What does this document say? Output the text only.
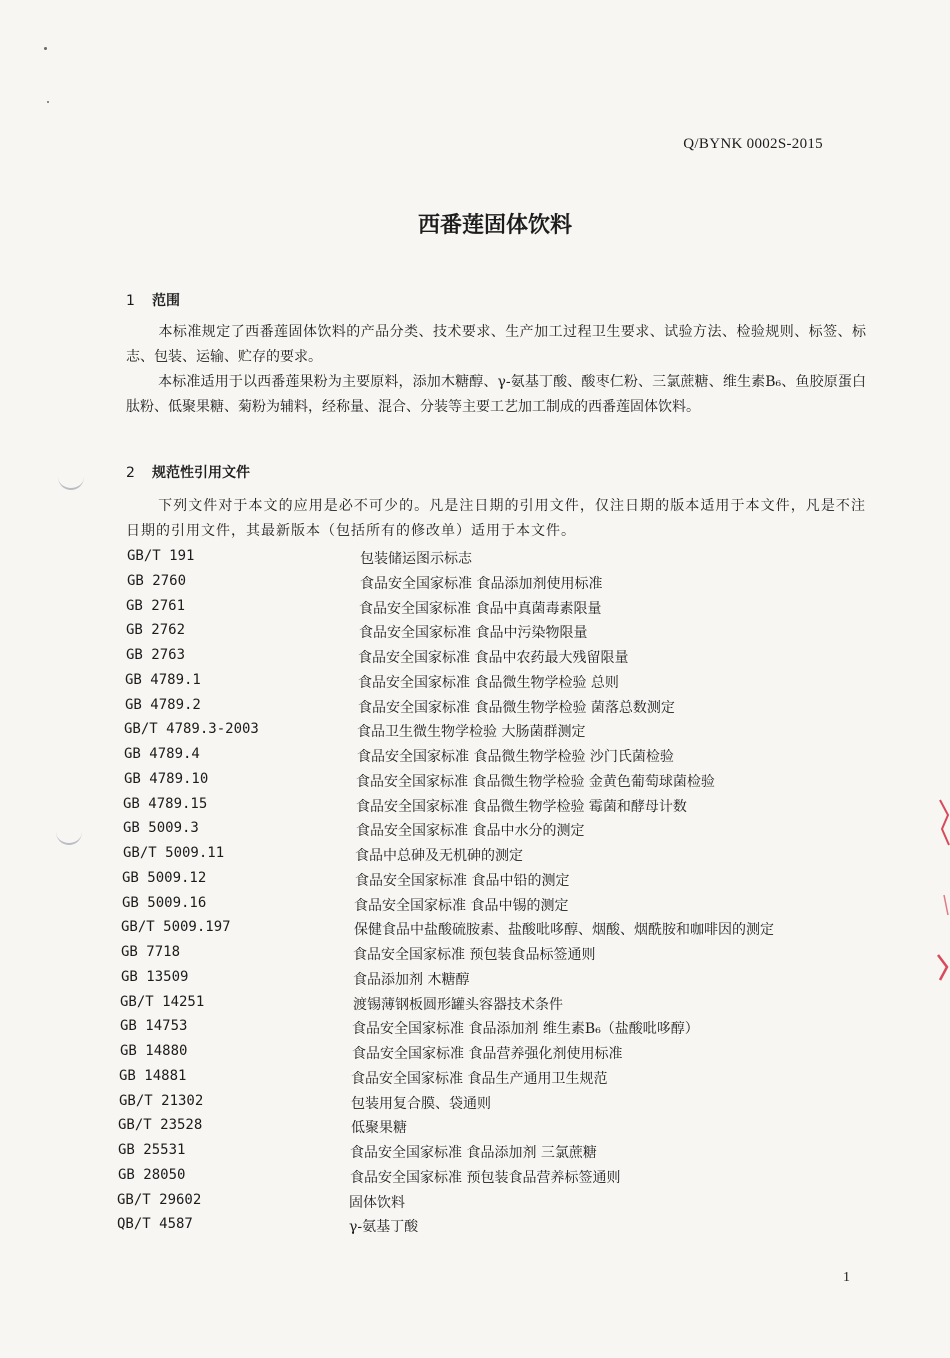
Q/BYNK 0002S-2015
西番莲固体饮料
1 范围
本标准规定了西番莲固体饮料的产品分类、技术要求、生产加工过程卫生要求、试验方法、检验规则、标签、标志、包装、运输、贮存的要求。
本标准适用于以西番莲果粉为主要原料，添加木糖醇、γ-氨基丁酸、酸枣仁粉、三氯蔗糖、维生素B₆、鱼胶原蛋白肽粉、低聚果糖、菊粉为辅料，经称量、混合、分装等主要工艺加工制成的西番莲固体饮料。
2 规范性引用文件
下列文件对于本文的应用是必不可少的。凡是注日期的引用文件，仅注日期的版本适用于本文件，凡是不注日期的引用文件，其最新版本（包括所有的修改单）适用于本文件。
GB/T 191	包装储运图示标志
GB 2760	食品安全国家标准 食品添加剂使用标准
GB 2761	食品安全国家标准 食品中真菌毒素限量
GB 2762	食品安全国家标准 食品中污染物限量
GB 2763	食品安全国家标准 食品中农药最大残留限量
GB 4789.1	食品安全国家标准 食品微生物学检验 总则
GB 4789.2	食品安全国家标准 食品微生物学检验 菌落总数测定
GB/T 4789.3-2003	食品卫生微生物学检验 大肠菌群测定
GB 4789.4	食品安全国家标准 食品微生物学检验 沙门氏菌检验
GB 4789.10	食品安全国家标准 食品微生物学检验 金黄色葡萄球菌检验
GB 4789.15	食品安全国家标准 食品微生物学检验 霉菌和酵母计数
GB 5009.3	食品安全国家标准 食品中水分的测定
GB/T 5009.11	食品中总砷及无机砷的测定
GB 5009.12	食品安全国家标准 食品中铅的测定
GB 5009.16	食品安全国家标准 食品中锡的测定
GB/T 5009.197	保健食品中盐酸硫胺素、盐酸吡哆醇、烟酸、烟酰胺和咖啡因的测定
GB 7718	食品安全国家标准 预包装食品标签通则
GB 13509	食品添加剂 木糖醇
GB/T 14251	渡锡薄钢板圆形罐头容器技术条件
GB 14753	食品安全国家标准 食品添加剂 维生素B₆（盐酸吡哆醇）
GB 14880	食品安全国家标准 食品营养强化剂使用标准
GB 14881	食品安全国家标准 食品生产通用卫生规范
GB/T 21302	包装用复合膜、袋通则
GB/T 23528	低聚果糖
GB 25531	食品安全国家标准 食品添加剂 三氯蔗糖
GB 28050	食品安全国家标准 预包装食品营养标签通则
GB/T 29602	固体饮料
QB/T 4587	γ-氨基丁酸
1
